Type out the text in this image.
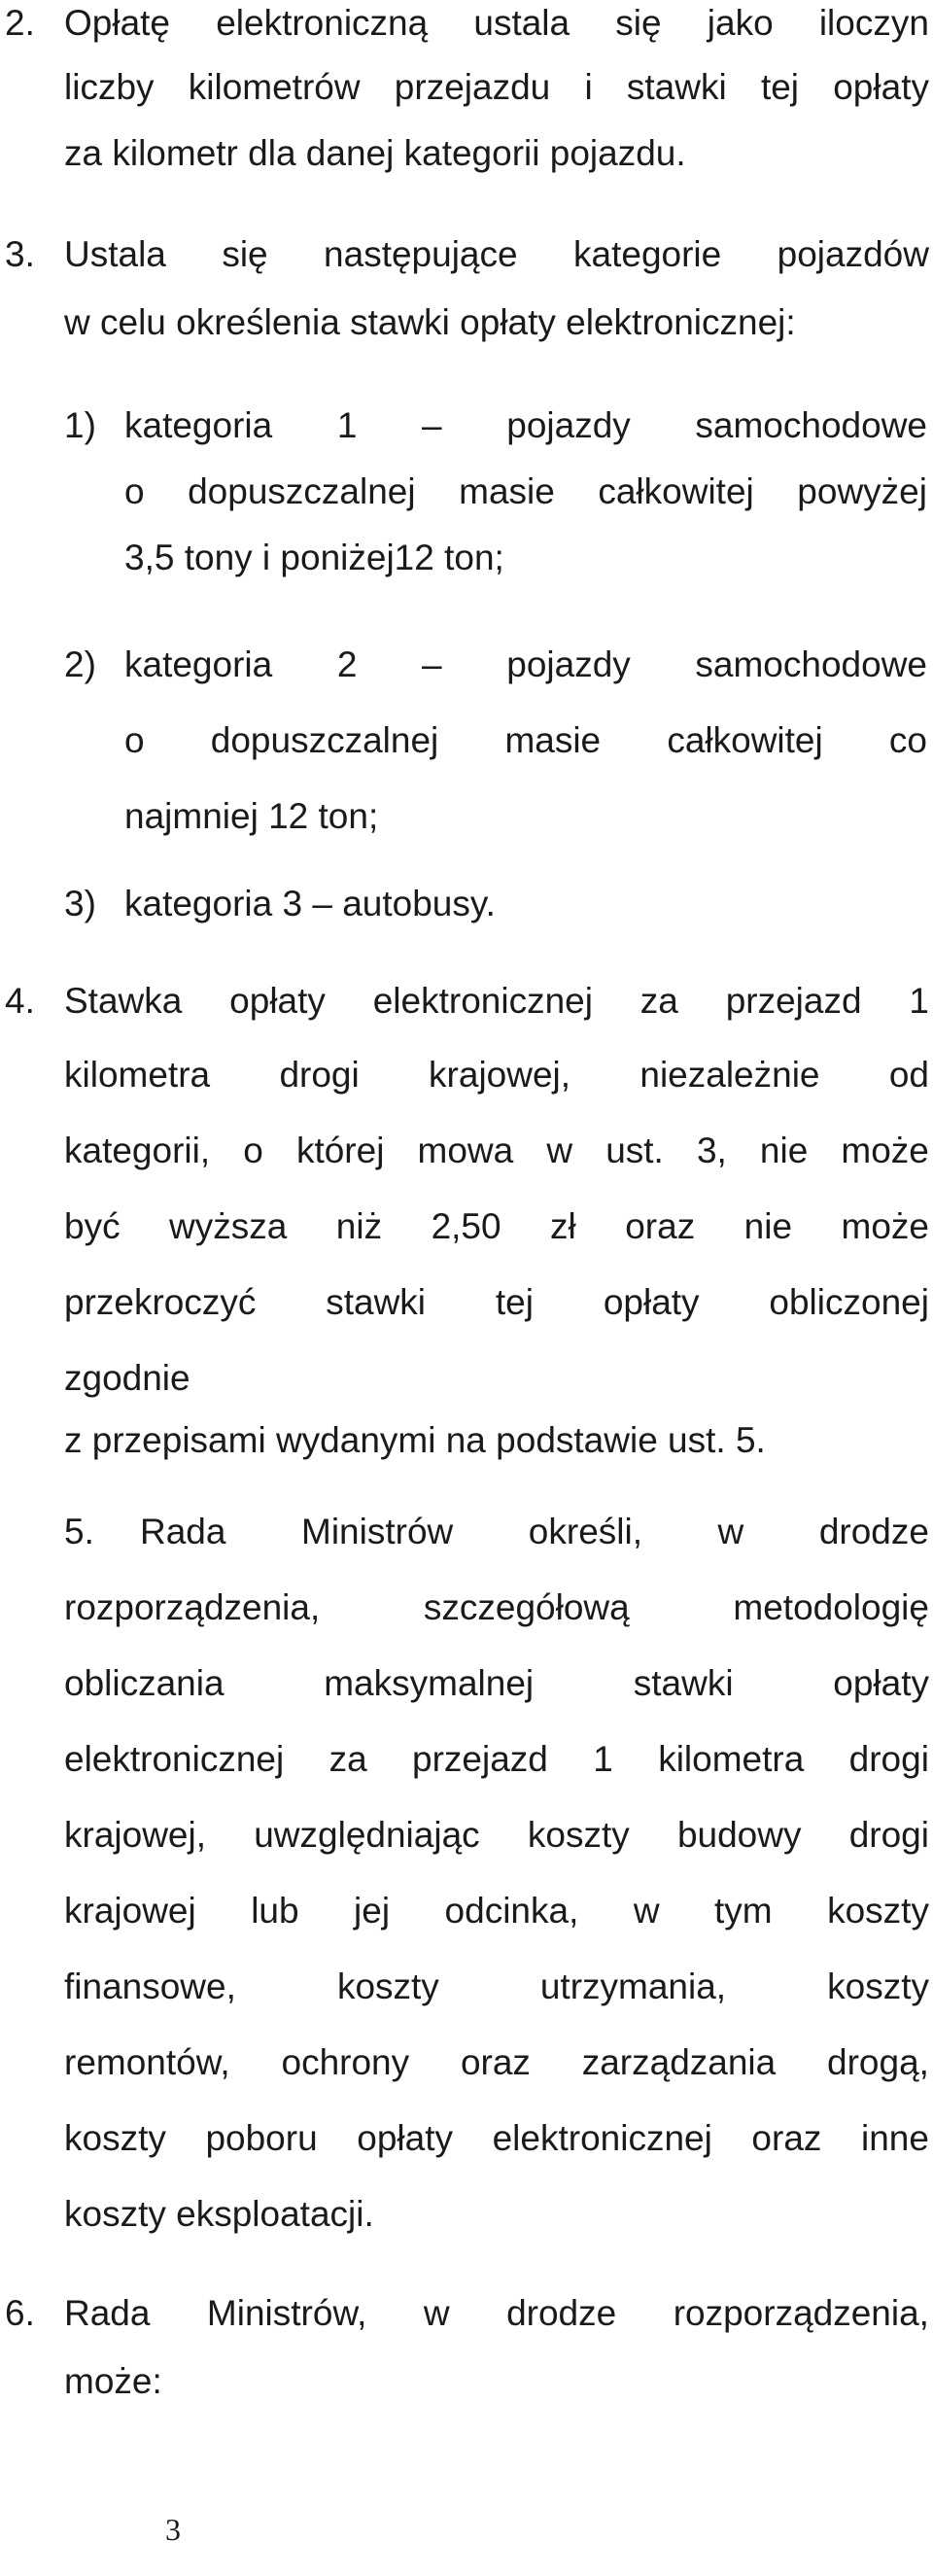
2. Opłatę elektroniczną ustala się jako iloczyn
liczby kilometrów przejazdu i stawki tej opłaty
za kilometr dla danej kategorii pojazdu.
3. Ustala się następujące kategorie pojazdów
w celu określenia stawki opłaty elektronicznej:
1) kategoria 1 – pojazdy samochodowe
o dopuszczalnej masie całkowitej powyżej
3,5 tony i poniżej12 ton;
2) kategoria 2 – pojazdy samochodowe
o dopuszczalnej masie całkowitej co
najmniej 12 ton;
3) kategoria 3 – autobusy.
4. Stawka opłaty elektronicznej za przejazd 1
kilometra drogi krajowej, niezależnie od
kategorii, o której mowa w ust. 3, nie może
być wyższa niż 2,50 zł oraz nie może
przekroczyć stawki tej opłaty obliczonej
zgodnie
z przepisami wydanymi na podstawie ust. 5.
5. Rada Ministrów określi, w drodze
rozporządzenia,	szczegółową	metodologię
obliczania	maksymalnej	stawki	opłaty
elektronicznej za przejazd 1 kilometra drogi
krajowej, uwzględniając koszty budowy drogi
krajowej lub jej odcinka, w tym koszty
finansowe,	koszty	utrzymania,	koszty
remontów, ochrony oraz zarządzania drogą,
koszty poboru opłaty elektronicznej oraz inne
koszty eksploatacji.
6. Rada Ministrów, w drodze rozporządzenia,
może:
3
